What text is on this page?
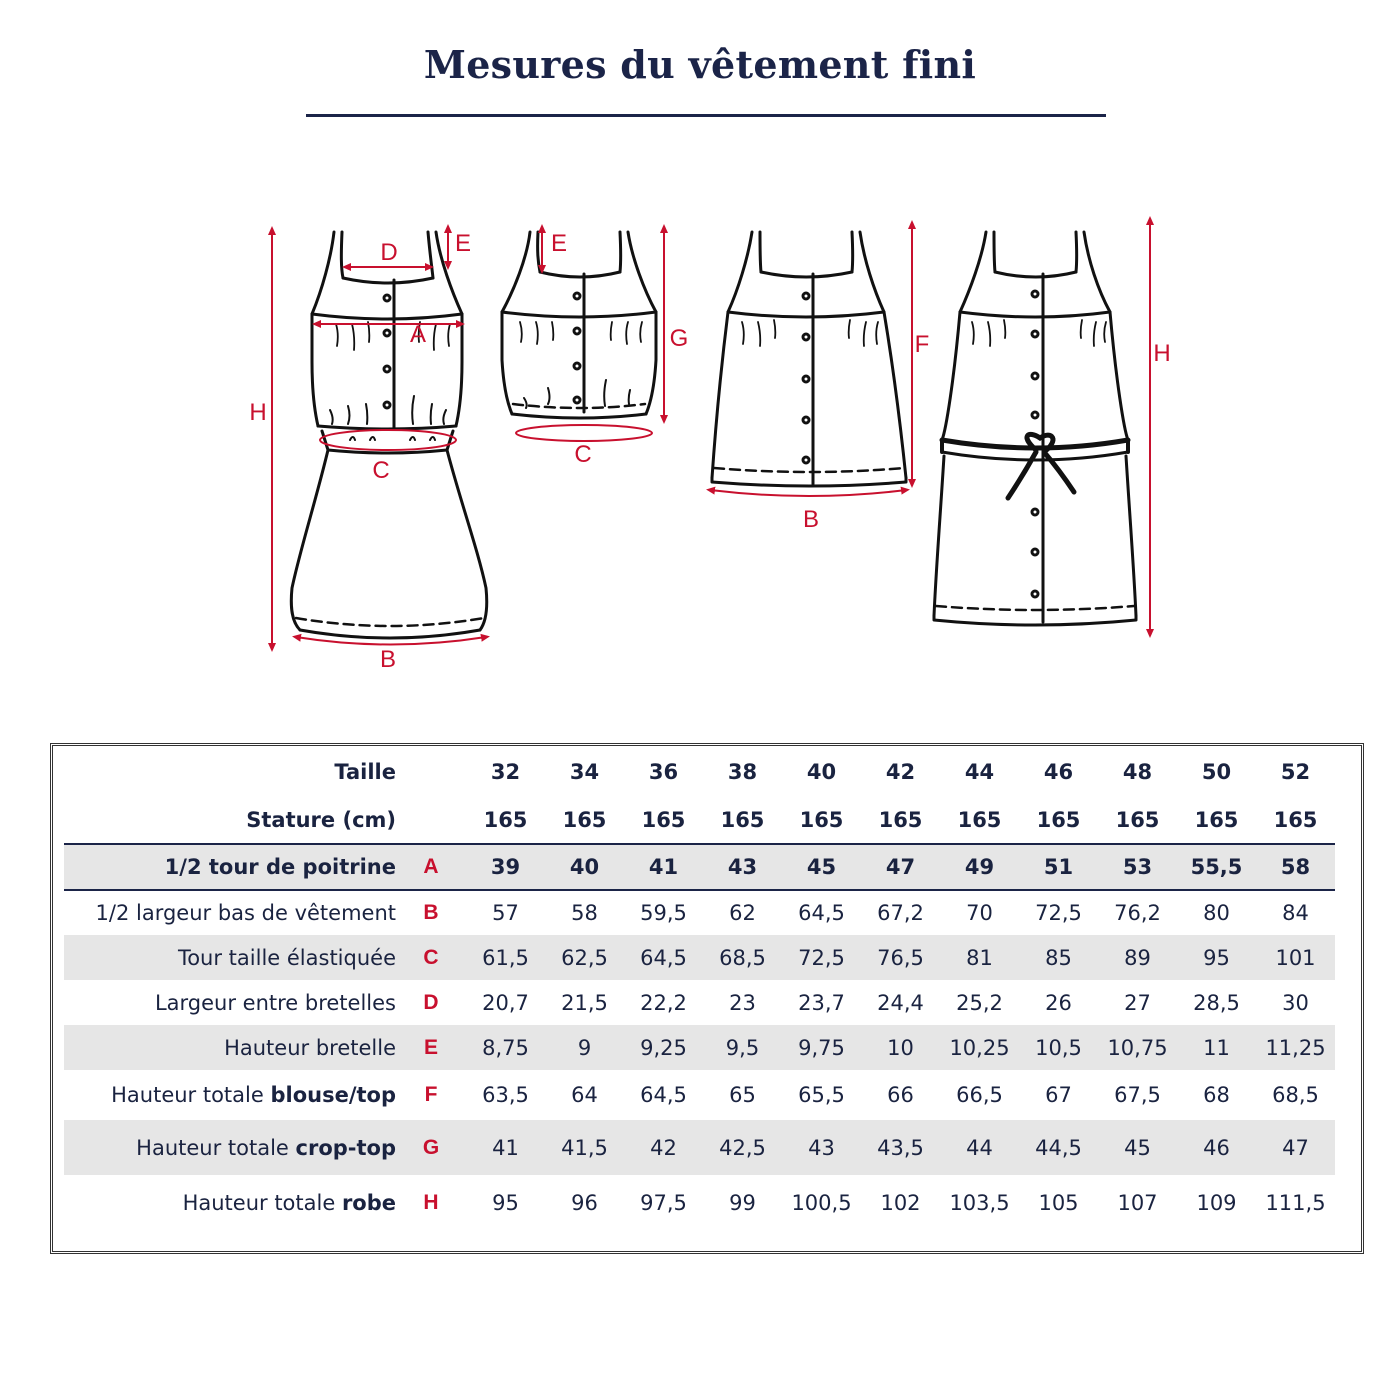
Mesures du vêtement fini
D E
A
H
C
B
E
G
C
F
B
H
Taille		32	34	36	38	40	42	44	46	48	50	52
Stature (cm)		165	165	165	165	165	165	165	165	165	165	165
1/2 tour de poitrine	A	39	40	41	43	45	47	49	51	53	55,5	58
1/2 largeur bas de vêtement	B	57	58	59,5	62	64,5	67,2	70	72,5	76,2	80	84
Tour taille élastiquée	C	61,5	62,5	64,5	68,5	72,5	76,5	81	85	89	95	101
Largeur entre bretelles	D	20,7	21,5	22,2	23	23,7	24,4	25,2	26	27	28,5	30
Hauteur bretelle	E	8,75	9	9,25	9,5	9,75	10	10,25	10,5	10,75	11	11,25
Hauteur totale blouse/top	F	63,5	64	64,5	65	65,5	66	66,5	67	67,5	68	68,5
Hauteur totale crop-top	G	41	41,5	42	42,5	43	43,5	44	44,5	45	46	47
Hauteur totale robe	H	95	96	97,5	99	100,5	102	103,5	105	107	109	111,5
